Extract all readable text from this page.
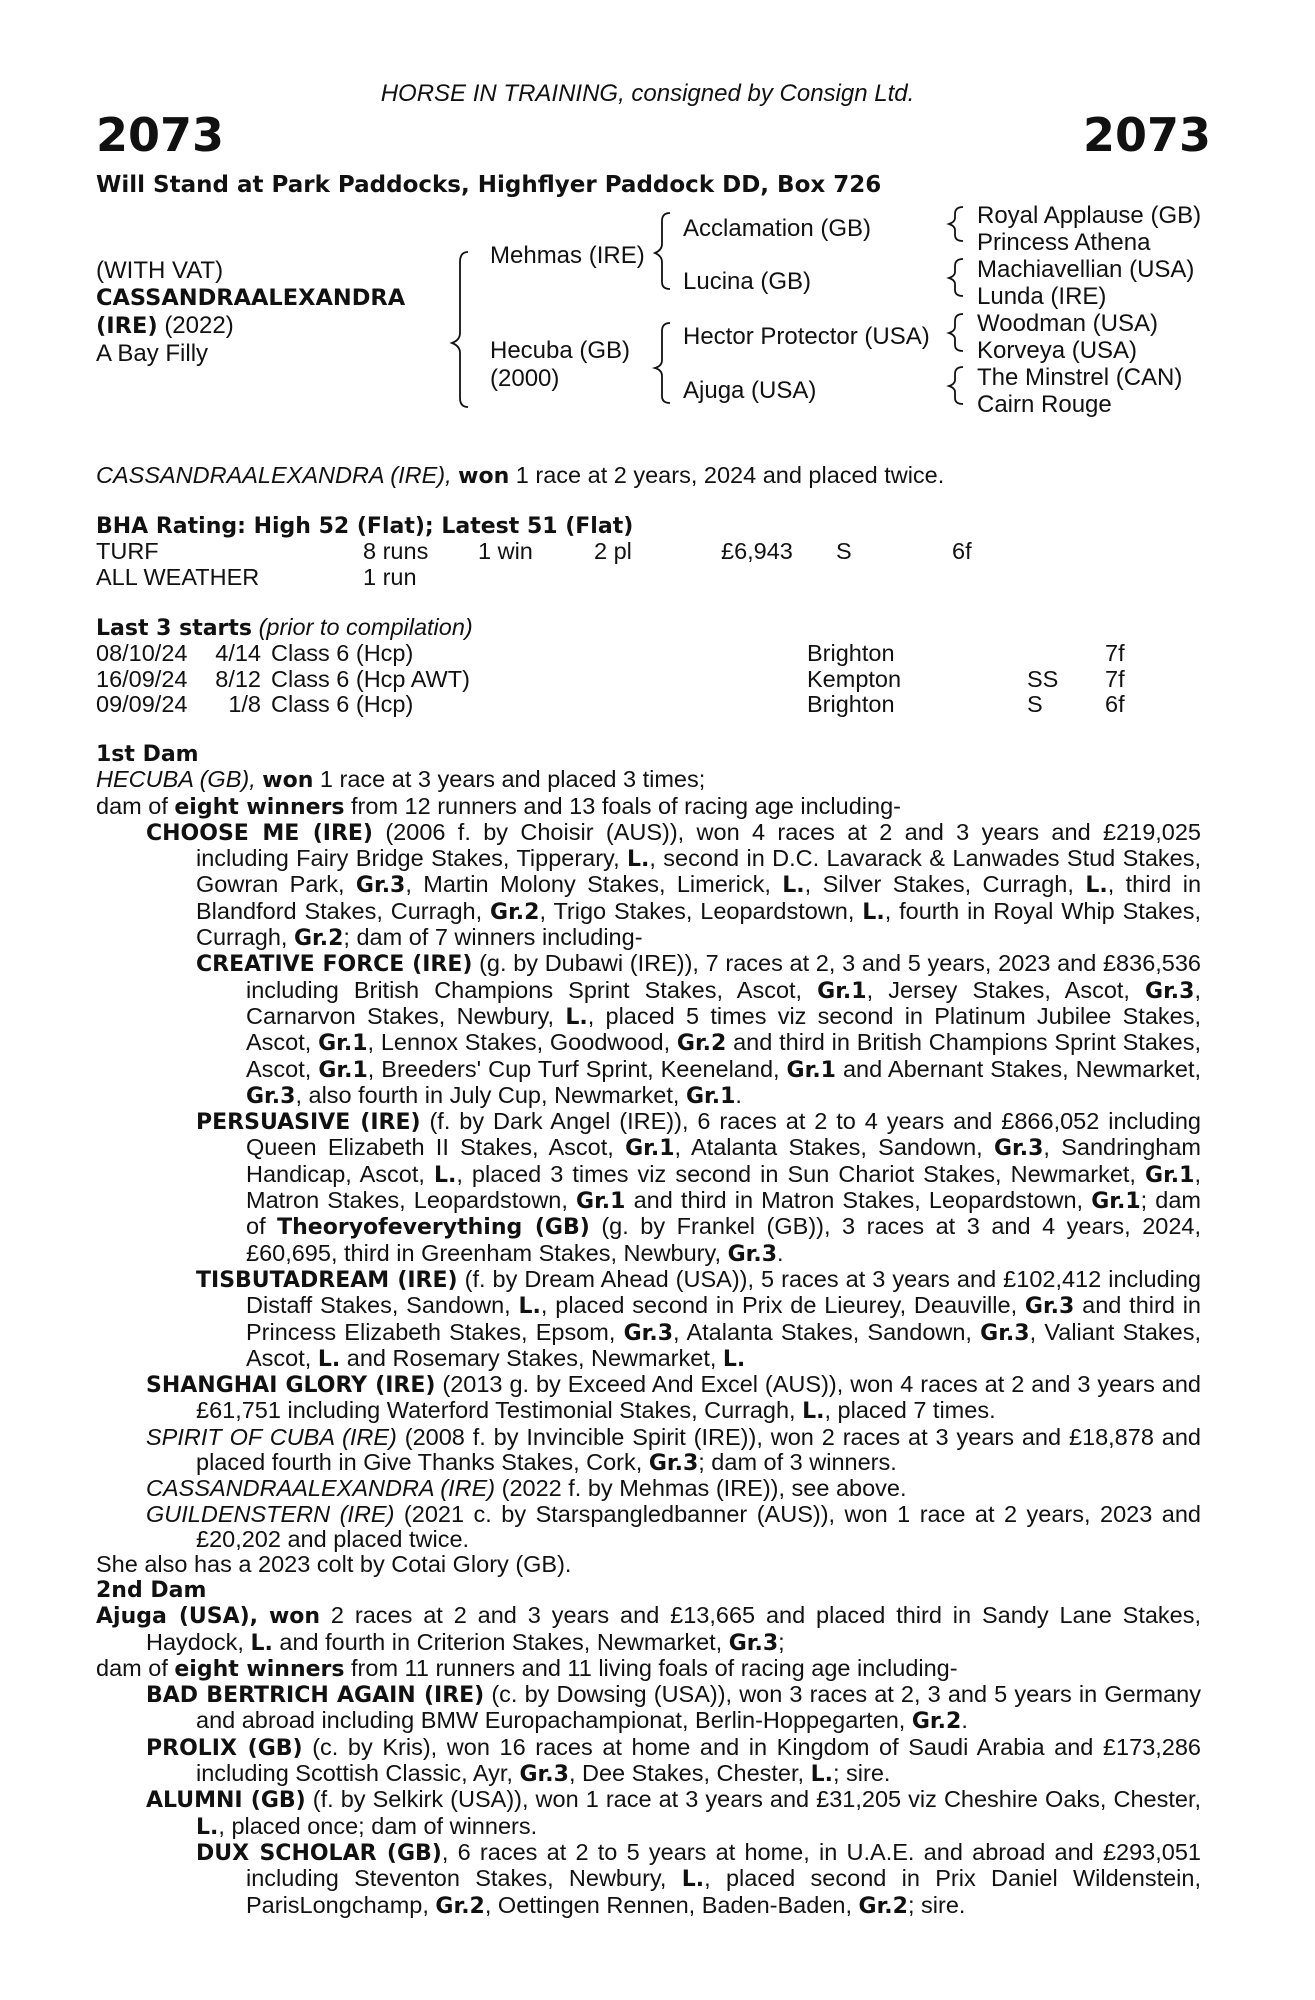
HORSE IN TRAINING, consigned by Consign Ltd.
2073	2073
Will Stand at Park Paddocks, Highflyer Paddock DD, Box 726
(WITH VAT)
CASSANDRAALEXANDRA
(IRE) (2022)
A Bay Filly
Mehmas (IRE)
Hecuba (GB)
(2000)
Acclamation (GB)
Lucina (GB)
Hector Protector (USA)
Ajuga (USA)
Royal Applause (GB)
Princess Athena
Machiavellian (USA)
Lunda (IRE)
Woodman (USA)
Korveya (USA)
The Minstrel (CAN)
Cairn Rouge
CASSANDRAALEXANDRA (IRE), won 1 race at 2 years, 2024 and placed twice.
BHA Rating: High 52 (Flat); Latest 51 (Flat)
TURF	8 runs	1 win	2 pl	£6,943	S	6f
ALL WEATHER	1 run					
Last 3 starts (prior to compilation)
08/10/24	4/14	Class 6 (Hcp)	Brighton		7f
16/09/24	8/12	Class 6 (Hcp AWT)	Kempton	SS	7f
09/09/24	1/8	Class 6 (Hcp)	Brighton	S	6f
1st Dam

HECUBA (GB), won 1 race at 3 years and placed 3 times;

dam of eight winners from 12 runners and 13 foals of racing age including-

CHOOSE ME (IRE) (2006 f. by Choisir (AUS)), won 4 races at 2 and 3 years and £219,025 including Fairy Bridge Stakes, Tipperary, L., second in D.C. Lavarack & Lanwades Stud Stakes, Gowran Park, Gr.3, Martin Molony Stakes, Limerick, L., Silver Stakes, Curragh, L., third in Blandford Stakes, Curragh, Gr.2, Trigo Stakes, Leopardstown, L., fourth in Royal Whip Stakes, Curragh, Gr.2; dam of 7 winners including-

CREATIVE FORCE (IRE) (g. by Dubawi (IRE)), 7 races at 2, 3 and 5 years, 2023 and £836,536 including British Champions Sprint Stakes, Ascot, Gr.1, Jersey Stakes, Ascot, Gr.3, Carnarvon Stakes, Newbury, L., placed 5 times viz second in Platinum Jubilee Stakes, Ascot, Gr.1, Lennox Stakes, Goodwood, Gr.2 and third in British Champions Sprint Stakes, Ascot, Gr.1, Breeders' Cup Turf Sprint, Keeneland, Gr.1 and Abernant Stakes, Newmarket, Gr.3, also fourth in July Cup, Newmarket, Gr.1.

PERSUASIVE (IRE) (f. by Dark Angel (IRE)), 6 races at 2 to 4 years and £866,052 including Queen Elizabeth II Stakes, Ascot, Gr.1, Atalanta Stakes, Sandown, Gr.3, Sandringham Handicap, Ascot, L., placed 3 times viz second in Sun Chariot Stakes, Newmarket, Gr.1, Matron Stakes, Leopardstown, Gr.1 and third in Matron Stakes, Leopardstown, Gr.1; dam of Theoryofeverything (GB) (g. by Frankel (GB)), 3 races at 3 and 4 years, 2024, £60,695, third in Greenham Stakes, Newbury, Gr.3.

TISBUTADREAM (IRE) (f. by Dream Ahead (USA)), 5 races at 3 years and £102,412 including Distaff Stakes, Sandown, L., placed second in Prix de Lieurey, Deauville, Gr.3 and third in Princess Elizabeth Stakes, Epsom, Gr.3, Atalanta Stakes, Sandown, Gr.3, Valiant Stakes, Ascot, L. and Rosemary Stakes, Newmarket, L.

SHANGHAI GLORY (IRE) (2013 g. by Exceed And Excel (AUS)), won 4 races at 2 and 3 years and £61,751 including Waterford Testimonial Stakes, Curragh, L., placed 7 times.

SPIRIT OF CUBA (IRE) (2008 f. by Invincible Spirit (IRE)), won 2 races at 3 years and £18,878 and placed fourth in Give Thanks Stakes, Cork, Gr.3; dam of 3 winners.

CASSANDRAALEXANDRA (IRE) (2022 f. by Mehmas (IRE)), see above.

GUILDENSTERN (IRE) (2021 c. by Starspangledbanner (AUS)), won 1 race at 2 years, 2023 and £20,202 and placed twice.

She also has a 2023 colt by Cotai Glory (GB).

2nd Dam

Ajuga (USA), won 2 races at 2 and 3 years and £13,665 and placed third in Sandy Lane Stakes, Haydock, L. and fourth in Criterion Stakes, Newmarket, Gr.3;

dam of eight winners from 11 runners and 11 living foals of racing age including-

BAD BERTRICH AGAIN (IRE) (c. by Dowsing (USA)), won 3 races at 2, 3 and 5 years in Germany and abroad including BMW Europachampionat, Berlin-Hoppegarten, Gr.2.

PROLIX (GB) (c. by Kris), won 16 races at home and in Kingdom of Saudi Arabia and £173,286 including Scottish Classic, Ayr, Gr.3, Dee Stakes, Chester, L.; sire.

ALUMNI (GB) (f. by Selkirk (USA)), won 1 race at 3 years and £31,205 viz Cheshire Oaks, Chester, L., placed once; dam of winners.

DUX SCHOLAR (GB), 6 races at 2 to 5 years at home, in U.A.E. and abroad and £293,051 including Steventon Stakes, Newbury, L., placed second in Prix Daniel Wildenstein, ParisLongchamp, Gr.2, Oettingen Rennen, Baden-Baden, Gr.2; sire.
